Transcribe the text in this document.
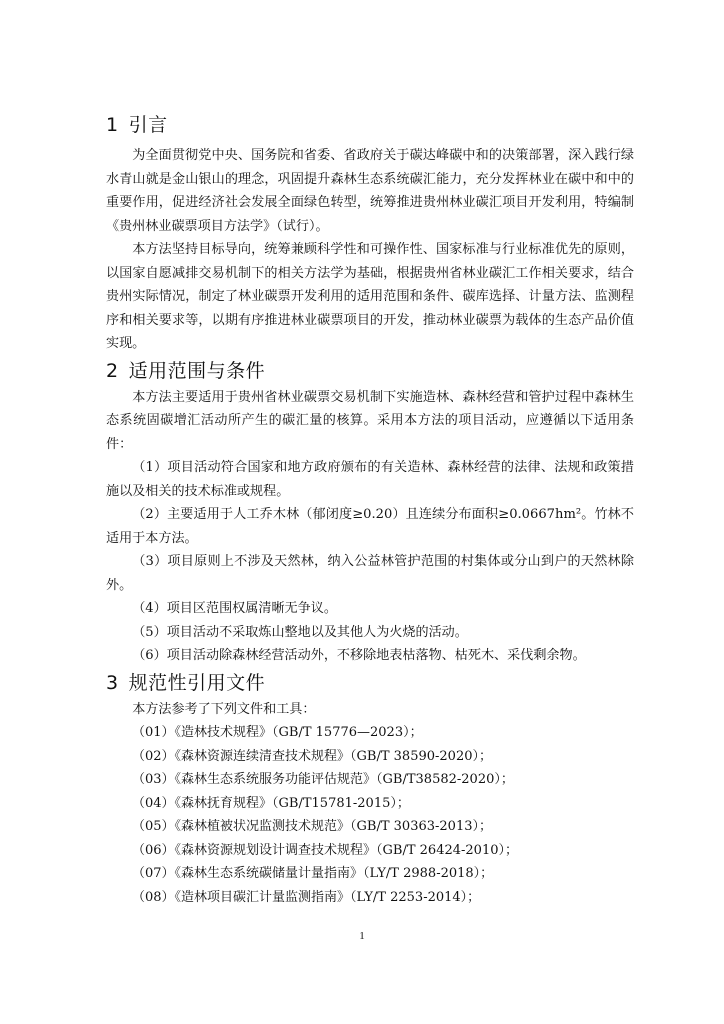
1 引言

为全面贯彻党中央、国务院和省委、省政府关于碳达峰碳中和的决策部署，深入践行绿水青山就是金山银山的理念，巩固提升森林生态系统碳汇能力，充分发挥林业在碳中和中的重要作用，促进经济社会发展全面绿色转型，统筹推进贵州林业碳汇项目开发利用，特编制《贵州林业碳票项目方法学》（试行）。

本方法坚持目标导向，统筹兼顾科学性和可操作性、国家标准与行业标准优先的原则，以国家自愿减排交易机制下的相关方法学为基础，根据贵州省林业碳汇工作相关要求，结合贵州实际情况，制定了林业碳票开发利用的适用范围和条件、碳库选择、计量方法、监测程序和相关要求等，以期有序推进林业碳票项目的开发，推动林业碳票为载体的生态产品价值实现。

2 适用范围与条件

本方法主要适用于贵州省林业碳票交易机制下实施造林、森林经营和管护过程中森林生态系统固碳增汇活动所产生的碳汇量的核算。采用本方法的项目活动，应遵循以下适用条件：

（1）项目活动符合国家和地方政府颁布的有关造林、森林经营的法律、法规和政策措施以及相关的技术标准或规程。

（2）主要适用于人工乔木林（郁闭度≥0.20）且连续分布面积≥0.0667hm²。竹林不适用于本方法。

（3）项目原则上不涉及天然林，纳入公益林管护范围的村集体或分山到户的天然林除外。

（4）项目区范围权属清晰无争议。

（5）项目活动不采取炼山整地以及其他人为火烧的活动。

（6）项目活动除森林经营活动外，不移除地表枯落物、枯死木、采伐剩余物。

3 规范性引用文件

本方法参考了下列文件和工具：

（01）《造林技术规程》（GB/T 15776—2023）；

（02）《森林资源连续清查技术规程》（GB/T 38590-2020）；

（03）《森林生态系统服务功能评估规范》（GB/T38582-2020）；

（04）《森林抚育规程》（GB/T15781-2015）；

（05）《森林植被状况监测技术规范》（GB/T 30363-2013）；

（06）《森林资源规划设计调查技术规程》（GB/T 26424-2010）；

（07）《森林生态系统碳储量计量指南》（LY/T 2988-2018）；

（08）《造林项目碳汇计量监测指南》（LY/T 2253-2014）；

1
